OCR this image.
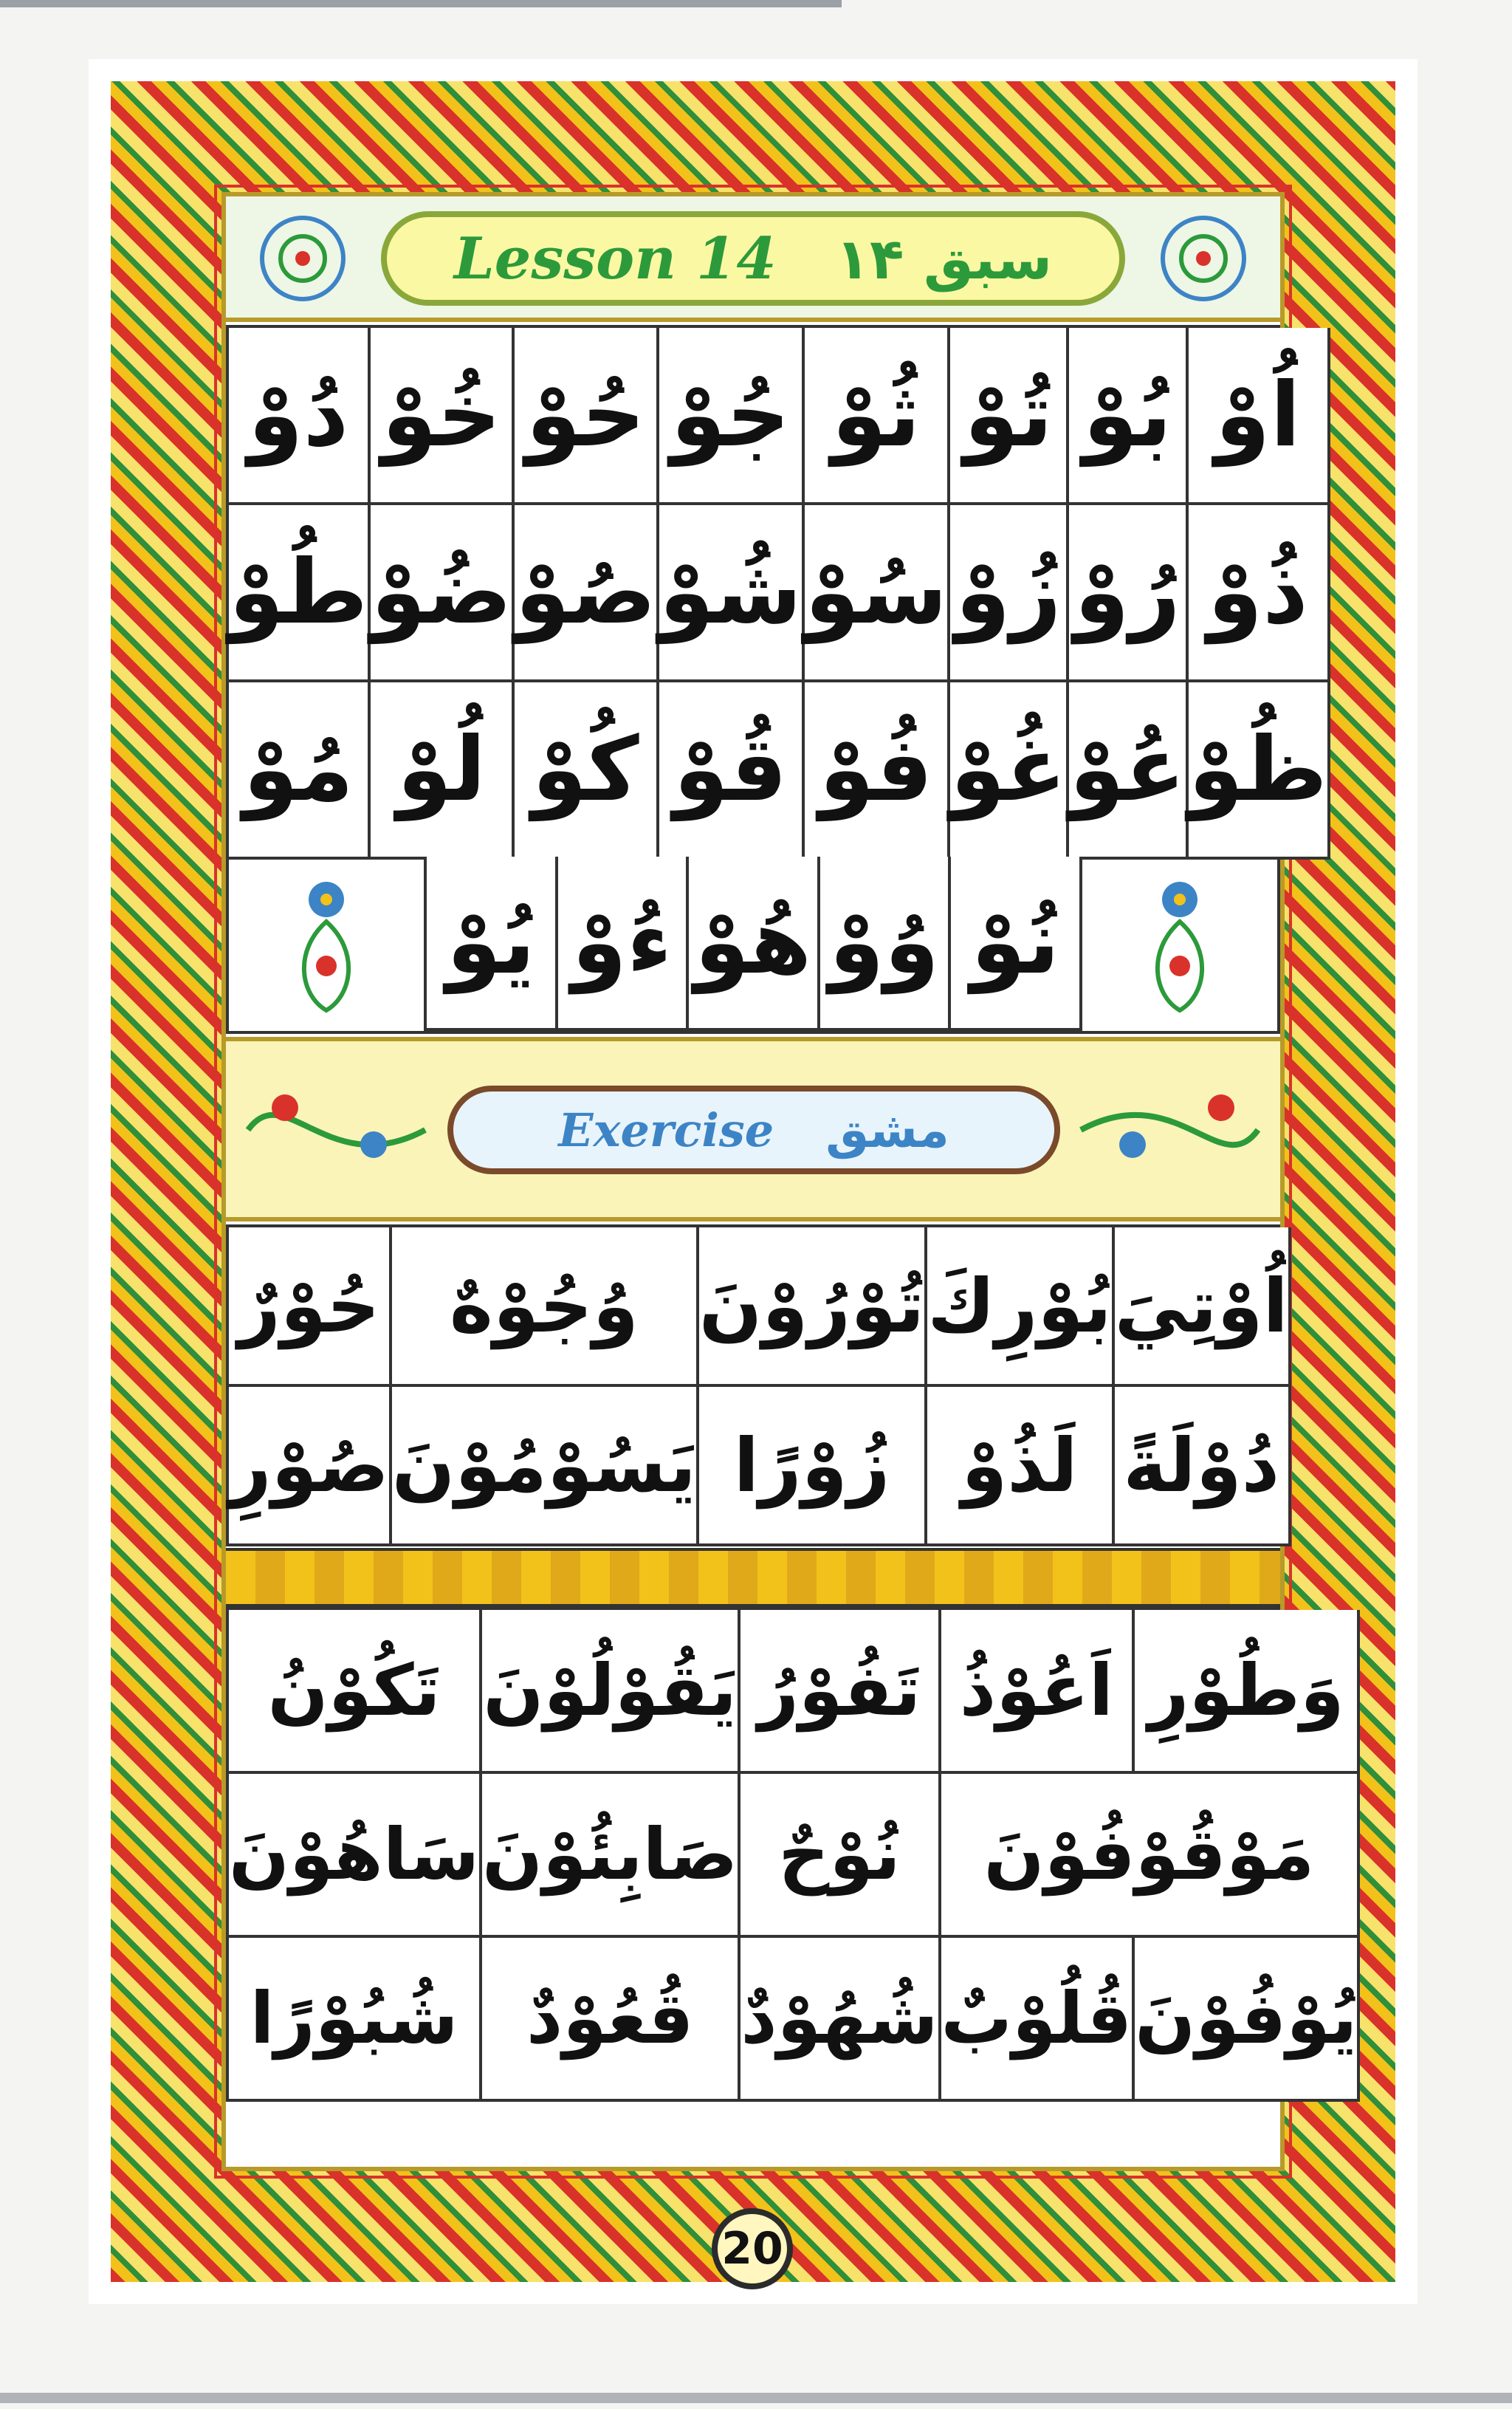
Lesson 14 سبق ۱۴
دُوْ خُوْ حُوْ جُوْ ثُوْ تُوْ بُوْ اُوْ
طُوْ ضُوْ صُوْ شُوْ سُوْ زُوْ رُوْ ذُوْ
مُوْ لُوْ كُوْ قُوْ فُوْ غُوْ عُوْ ظُوْ
يُوْ ءُوْ هُوْ وُوْ نُوْ
Exercise مشق
حُوْرٌ وُجُوْهٌ تُوْرُوْنَ بُوْرِكَ اُوْتِيَ
صُوْرِ يَسُوْمُوْنَ زُوْرًا لَذُوْ دُوْلَةً
تَكُوْنُ يَقُوْلُوْنَ تَفُوْرُ اَعُوْذُ وَطُوْرِ
سَاهُوْنَ صَابِئُوْنَ نُوْحٌ	مَوْقُوْفُوْنَ
شُبُوْرًا قُعُوْدٌ شُهُوْدٌ قُلُوْبٌ يُوْفُوْنَ
20
